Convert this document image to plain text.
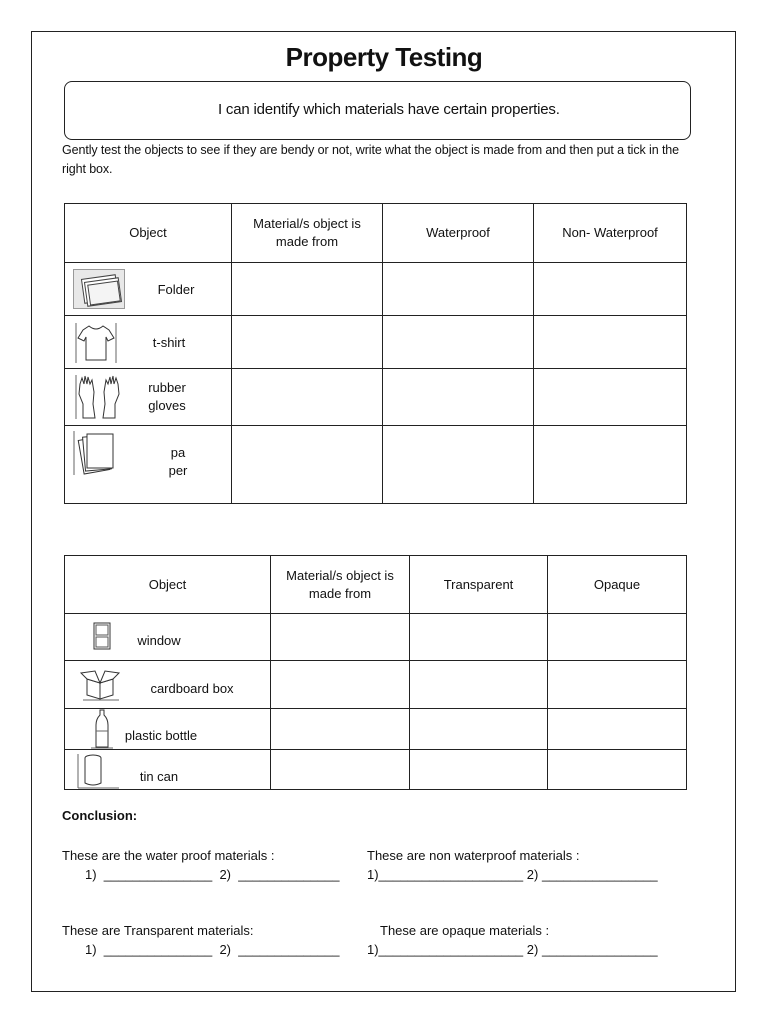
Property Testing
I can identify which materials have certain properties.
Gently test the objects to see if they are bendy or not, write what the object is made from and then put a tick in the right box.
Object	Material/s object is made from	Waterproof	Non- Waterproof

Folder			

t-shirt			

rubber gloves			

pa per			

Object	Material/s object is made from	Transparent	Opaque

window			

cardboard box			

plastic bottle			

tin can			

Conclusion:
These are the water proof materials :
1)  _______________  2)  ______________
These are non waterproof materials :
1)____________________ 2) ________________
These are Transparent materials:
1)  _______________  2)  ______________
These are opaque materials :
1)____________________ 2) ________________
